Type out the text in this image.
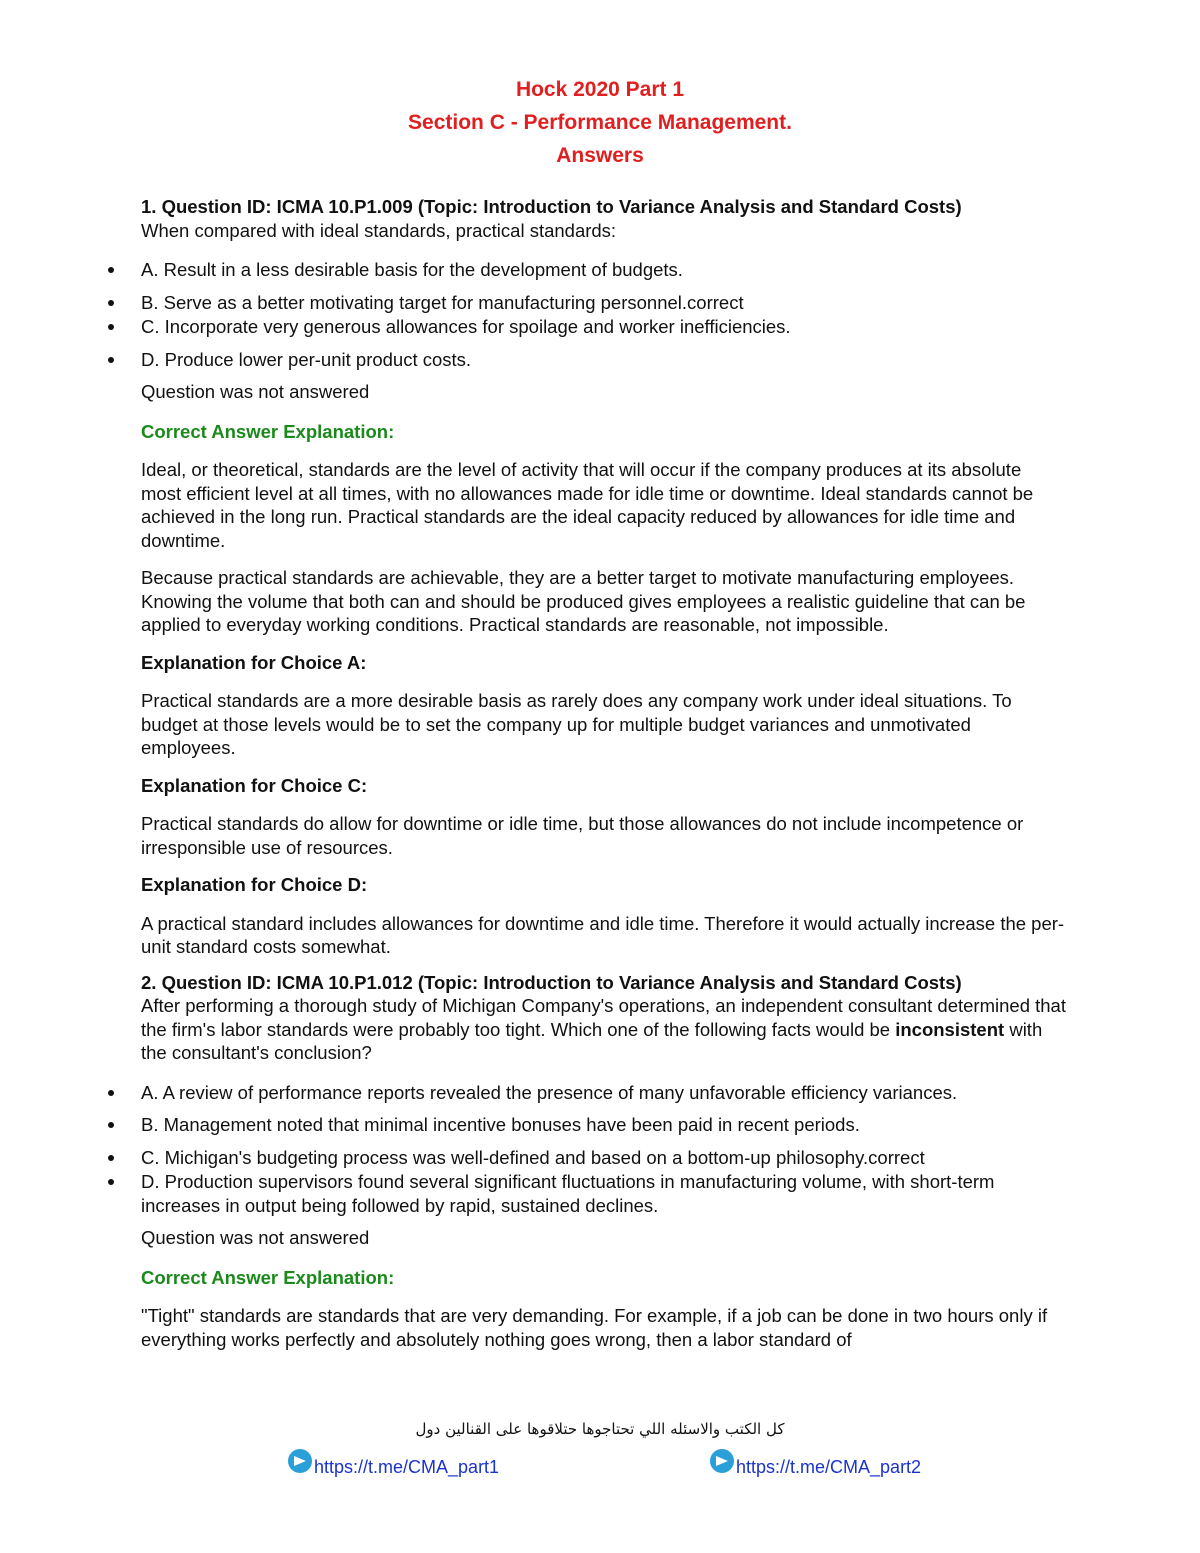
Hock 2020 Part 1
Section C - Performance Management.
Answers
1. Question ID: ICMA 10.P1.009 (Topic: Introduction to Variance Analysis and Standard Costs)

When compared with ideal standards, practical standards:

A. Result in a less desirable basis for the development of budgets.
B. Serve as a better motivating target for manufacturing personnel.correct
C. Incorporate very generous allowances for spoilage and worker inefficiencies.
D. Produce lower per-unit product costs.

Question was not answered

Correct Answer Explanation:

Ideal, or theoretical, standards are the level of activity that will occur if the company produces at its absolute most efficient level at all times, with no allowances made for idle time or downtime. Ideal standards cannot be achieved in the long run. Practical standards are the ideal capacity reduced by allowances for idle time and downtime.

Because practical standards are achievable, they are a better target to motivate manufacturing employees. Knowing the volume that both can and should be produced gives employees a realistic guideline that can be applied to everyday working conditions. Practical standards are reasonable, not impossible.

Explanation for Choice A:

Practical standards are a more desirable basis as rarely does any company work under ideal situations. To budget at those levels would be to set the company up for multiple budget variances and unmotivated employees.

Explanation for Choice C:

Practical standards do allow for downtime or idle time, but those allowances do not include incompetence or irresponsible use of resources.

Explanation for Choice D:

A practical standard includes allowances for downtime and idle time. Therefore it would actually increase the per-unit standard costs somewhat.

2. Question ID: ICMA 10.P1.012 (Topic: Introduction to Variance Analysis and Standard Costs)

After performing a thorough study of Michigan Company's operations, an independent consultant determined that the firm's labor standards were probably too tight. Which one of the following facts would be inconsistent with the consultant's conclusion?

A. A review of performance reports revealed the presence of many unfavorable efficiency variances.
B. Management noted that minimal incentive bonuses have been paid in recent periods.
C. Michigan's budgeting process was well-defined and based on a bottom-up philosophy.correct
D. Production supervisors found several significant fluctuations in manufacturing volume, with short-term increases in output being followed by rapid, sustained declines.

Question was not answered

Correct Answer Explanation:

"Tight" standards are standards that are very demanding. For example, if a job can be done in two hours only if everything works perfectly and absolutely nothing goes wrong, then a labor standard of

كل الكتب والاسئله اللي تحتاجوها حتلاقوها على القنالين دول
https://t.me/CMA_part1	https://t.me/CMA_part2
